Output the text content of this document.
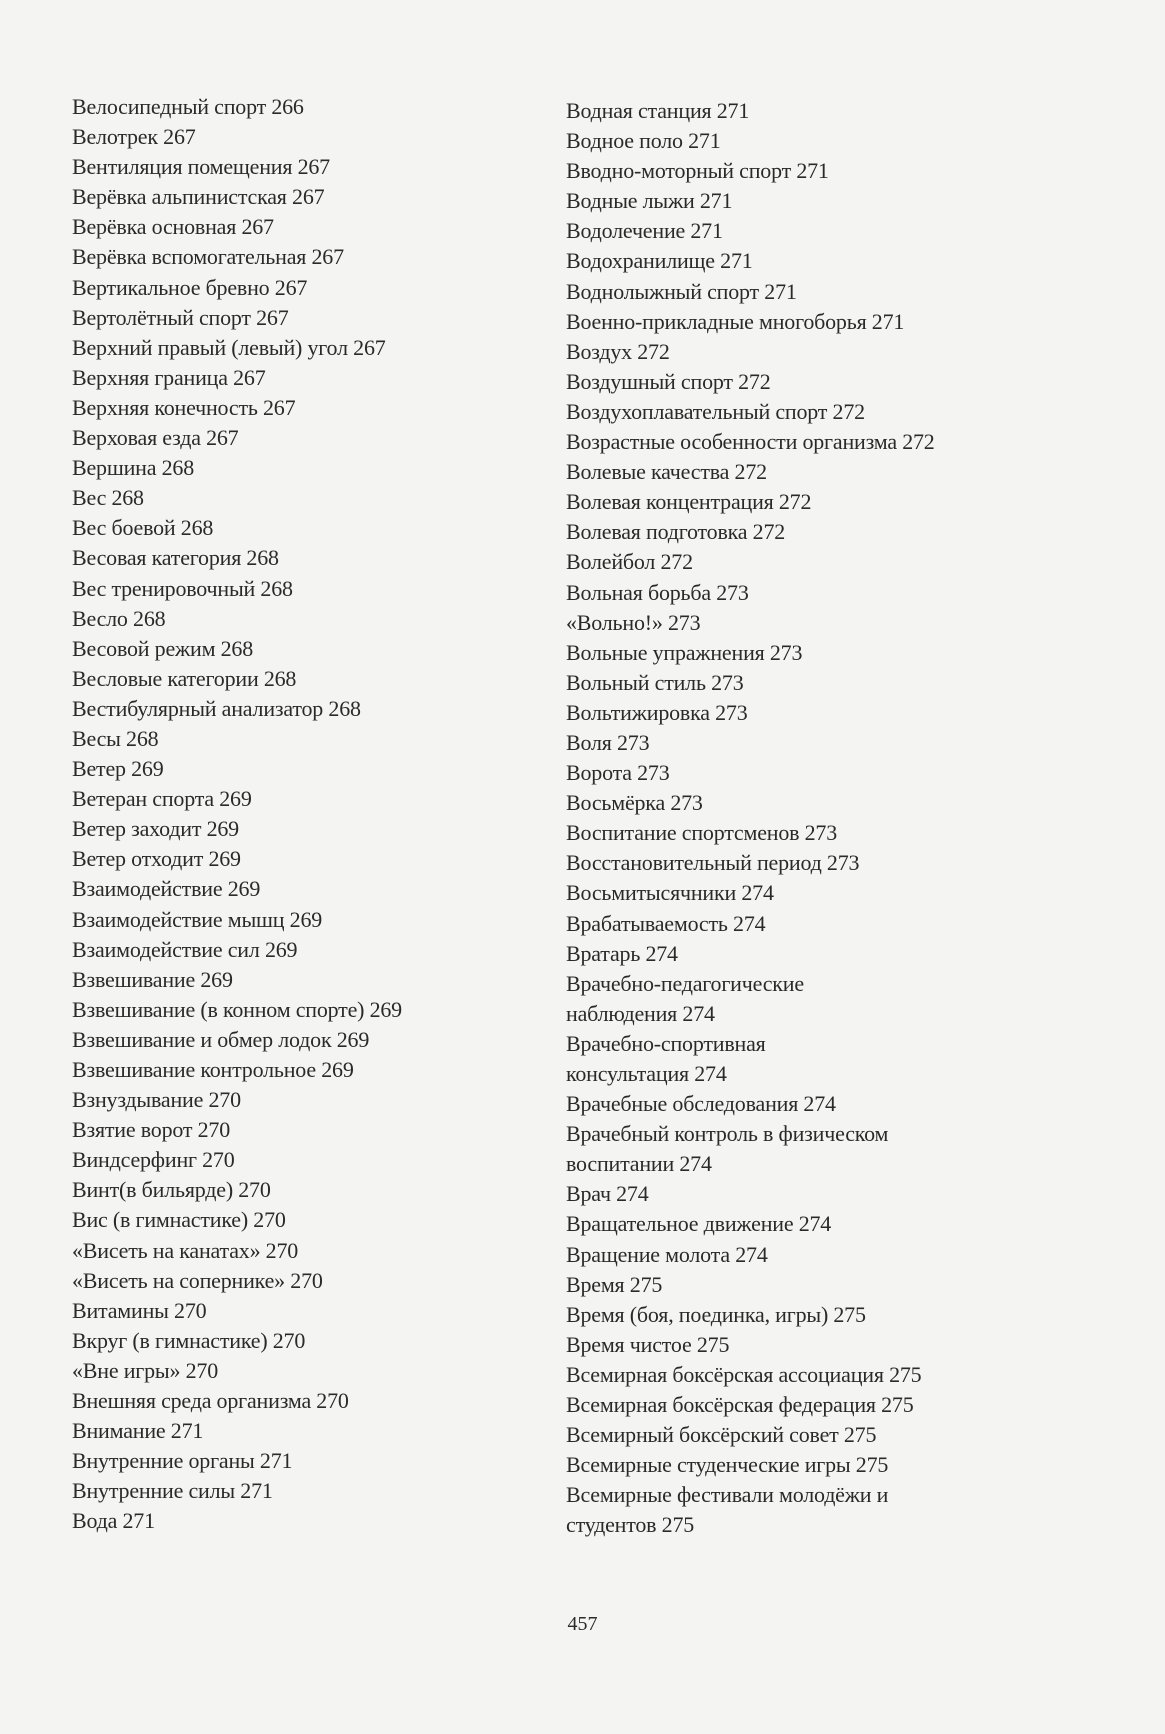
Велосипедный спорт 266
Велотрек 267
Вентиляция помещения 267
Верёвка альпинистская 267
Верёвка основная 267
Верёвка вспомогательная 267
Вертикальное бревно 267
Вертолётный спорт 267
Верхний правый (левый) угол 267
Верхняя граница 267
Верхняя конечность 267
Верховая езда 267
Вершина 268
Вес 268
Вес боевой 268
Весовая категория 268
Вес тренировочный 268
Весло 268
Весовой режим 268
Весловые категории 268
Вестибулярный анализатор 268
Весы 268
Ветер 269
Ветеран спорта 269
Ветер заходит 269
Ветер отходит 269
Взаимодействие 269
Взаимодействие мышц 269
Взаимодействие сил 269
Взвешивание 269
Взвешивание (в конном спорте) 269
Взвешивание и обмер лодок 269
Взвешивание контрольное 269
Взнуздывание 270
Взятие ворот 270
Виндсерфинг 270
Винт(в бильярде) 270
Вис (в гимнастике) 270
«Висеть на канатах» 270
«Висеть на сопернике» 270
Витамины 270
Вкруг (в гимнастике) 270
«Вне игры» 270
Внешняя среда организма 270
Внимание 271
Внутренние органы 271
Внутренние силы 271
Вода 271
Водная станция 271
Водное поло 271
Вводно-моторный спорт 271
Водные лыжи 271
Водолечение 271
Водохранилище 271
Воднолыжный спорт 271
Военно-прикладные многоборья 271
Воздух 272
Воздушный спорт 272
Воздухоплавательный спорт 272
Возрастные особенности организма 272
Волевые качества 272
Волевая концентрация 272
Волевая подготовка 272
Волейбол 272
Вольная борьба 273
«Вольно!» 273
Вольные упражнения 273
Вольный стиль 273
Вольтижировка 273
Воля 273
Ворота 273
Восьмёрка 273
Воспитание спортсменов 273
Восстановительный период 273
Восьмитысячники 274
Врабатываемость 274
Вратарь 274
Врачебно-педагогические
наблюдения 274
Врачебно-спортивная
консультация 274
Врачебные обследования 274
Врачебный контроль в физическом
воспитании 274
Врач 274
Вращательное движение 274
Вращение молота 274
Время 275
Время (боя, поединка, игры) 275
Время чистое 275
Всемирная боксёрская ассоциация 275
Всемирная боксёрская федерация 275
Всемирный боксёрский совет 275
Всемирные студенческие игры 275
Всемирные фестивали молодёжи и
студентов 275
457
